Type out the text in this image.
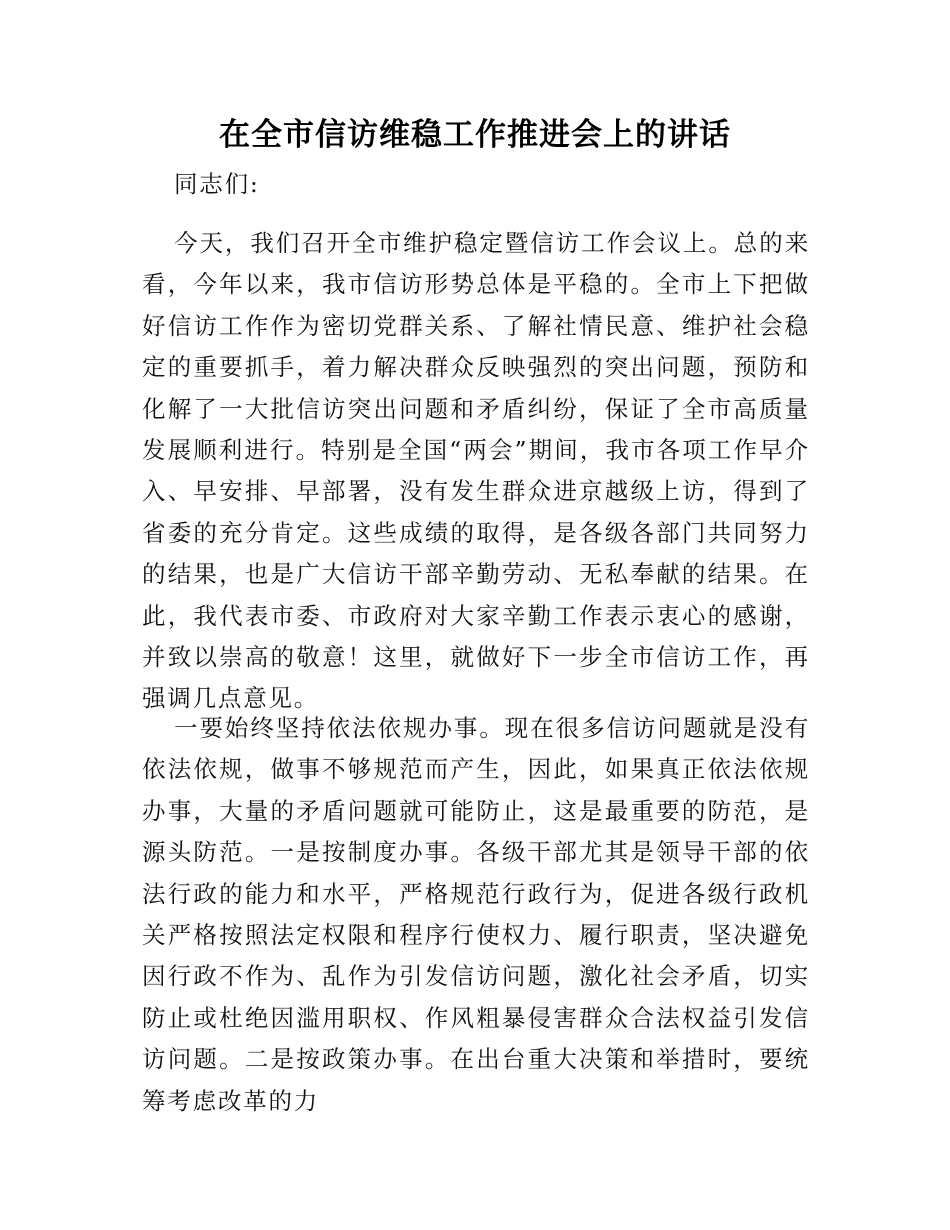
在全市信访维稳工作推进会上的讲话

同志们:

今天，我们召开全市维护稳定暨信访工作会议上。总的来看，今年以来，我市信访形势总体是平稳的。全市上下把做好信访工作作为密切党群关系、了解社情民意、维护社会稳定的重要抓手，着力解决群众反映强烈的突出问题，预防和化解了一大批信访突出问题和矛盾纠纷，保证了全市高质量发展顺利进行。特别是全国“两会”期间，我市各项工作早介入、早安排、早部署，没有发生群众进京越级上访，得到了省委的充分肯定。这些成绩的取得，是各级各部门共同努力的结果，也是广大信访干部辛勤劳动、无私奉献的结果。在此，我代表市委、市政府对大家辛勤工作表示衷心的感谢，并致以崇高的敬意！这里，就做好下一步全市信访工作，再强调几点意见。

一要始终坚持依法依规办事。现在很多信访问题就是没有依法依规，做事不够规范而产生，因此，如果真正依法依规办事，大量的矛盾问题就可能防止，这是最重要的防范，是源头防范。一是按制度办事。各级干部尤其是领导干部的依法行政的能力和水平，严格规范行政行为，促进各级行政机关严格按照法定权限和程序行使权力、履行职责，坚决避免因行政不作为、乱作为引发信访问题，激化社会矛盾，切实防止或杜绝因滥用职权、作风粗暴侵害群众合法权益引发信访问题。二是按政策办事。在出台重大决策和举措时，要统筹考虑改革的力
